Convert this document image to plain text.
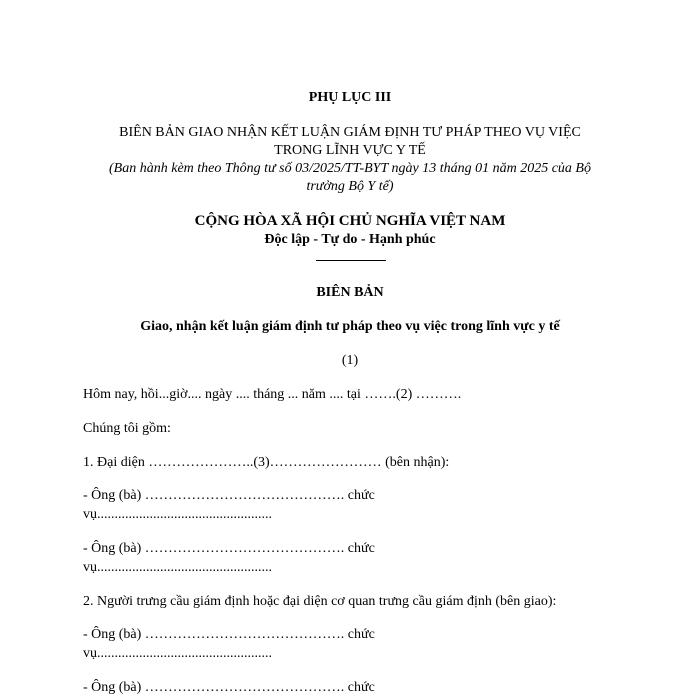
PHỤ LỤC III
BIÊN BẢN GIAO NHẬN KẾT LUẬN GIÁM ĐỊNH TƯ PHÁP THEO VỤ VIỆC
TRONG LĨNH VỰC Y TẾ
(Ban hành kèm theo Thông tư số 03/2025/TT-BYT ngày 13 tháng 01 năm 2025 của Bộ
trưởng Bộ Y tế)
CỘNG HÒA XÃ HỘI CHỦ NGHĨA VIỆT NAM
Độc lập - Tự do - Hạnh phúc
BIÊN BẢN
Giao, nhận kết luận giám định tư pháp theo vụ việc trong lĩnh vực y tế
(1)
Hôm nay, hồi...giờ.... ngày .... tháng ... năm .... tại …….(2) ……….
Chúng tôi gồm:
1. Đại diện …………………..(3)…………………… (bên nhận):
- Ông (bà) ……………………………………. chức
vụ..................................................
- Ông (bà) ……………………………………. chức
vụ..................................................
2. Người trưng cầu giám định hoặc đại diện cơ quan trưng cầu giám định (bên giao):
- Ông (bà) ……………………………………. chức
vụ..................................................
- Ông (bà) ……………………………………. chức
